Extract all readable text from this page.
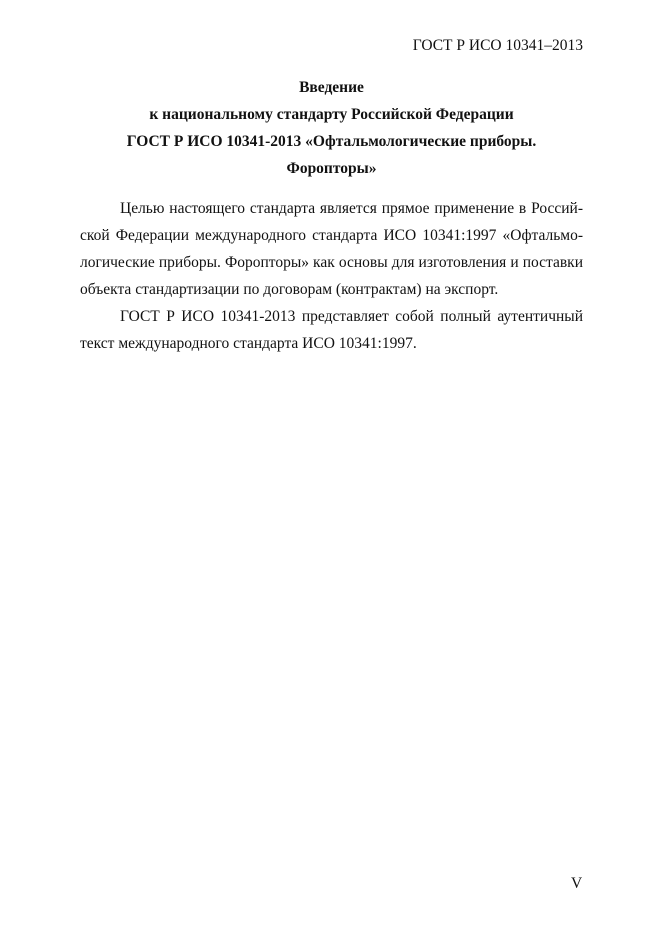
ГОСТ Р ИСО 10341–2013
Введение
к национальному стандарту Российской Федерации
ГОСТ Р ИСО 10341-2013 «Офтальмологические приборы.
Форопторы»
Целью настоящего стандарта является прямое применение в Россий-
ской Федерации международного стандарта ИСО 10341:1997 «Офтальмо-
логические приборы. Форопторы» как основы для изготовления и поставки
объекта стандартизации по договорам (контрактам) на экспорт.
ГОСТ Р ИСО 10341-2013 представляет собой полный аутентичный
текст международного стандарта ИСО 10341:1997.
V
